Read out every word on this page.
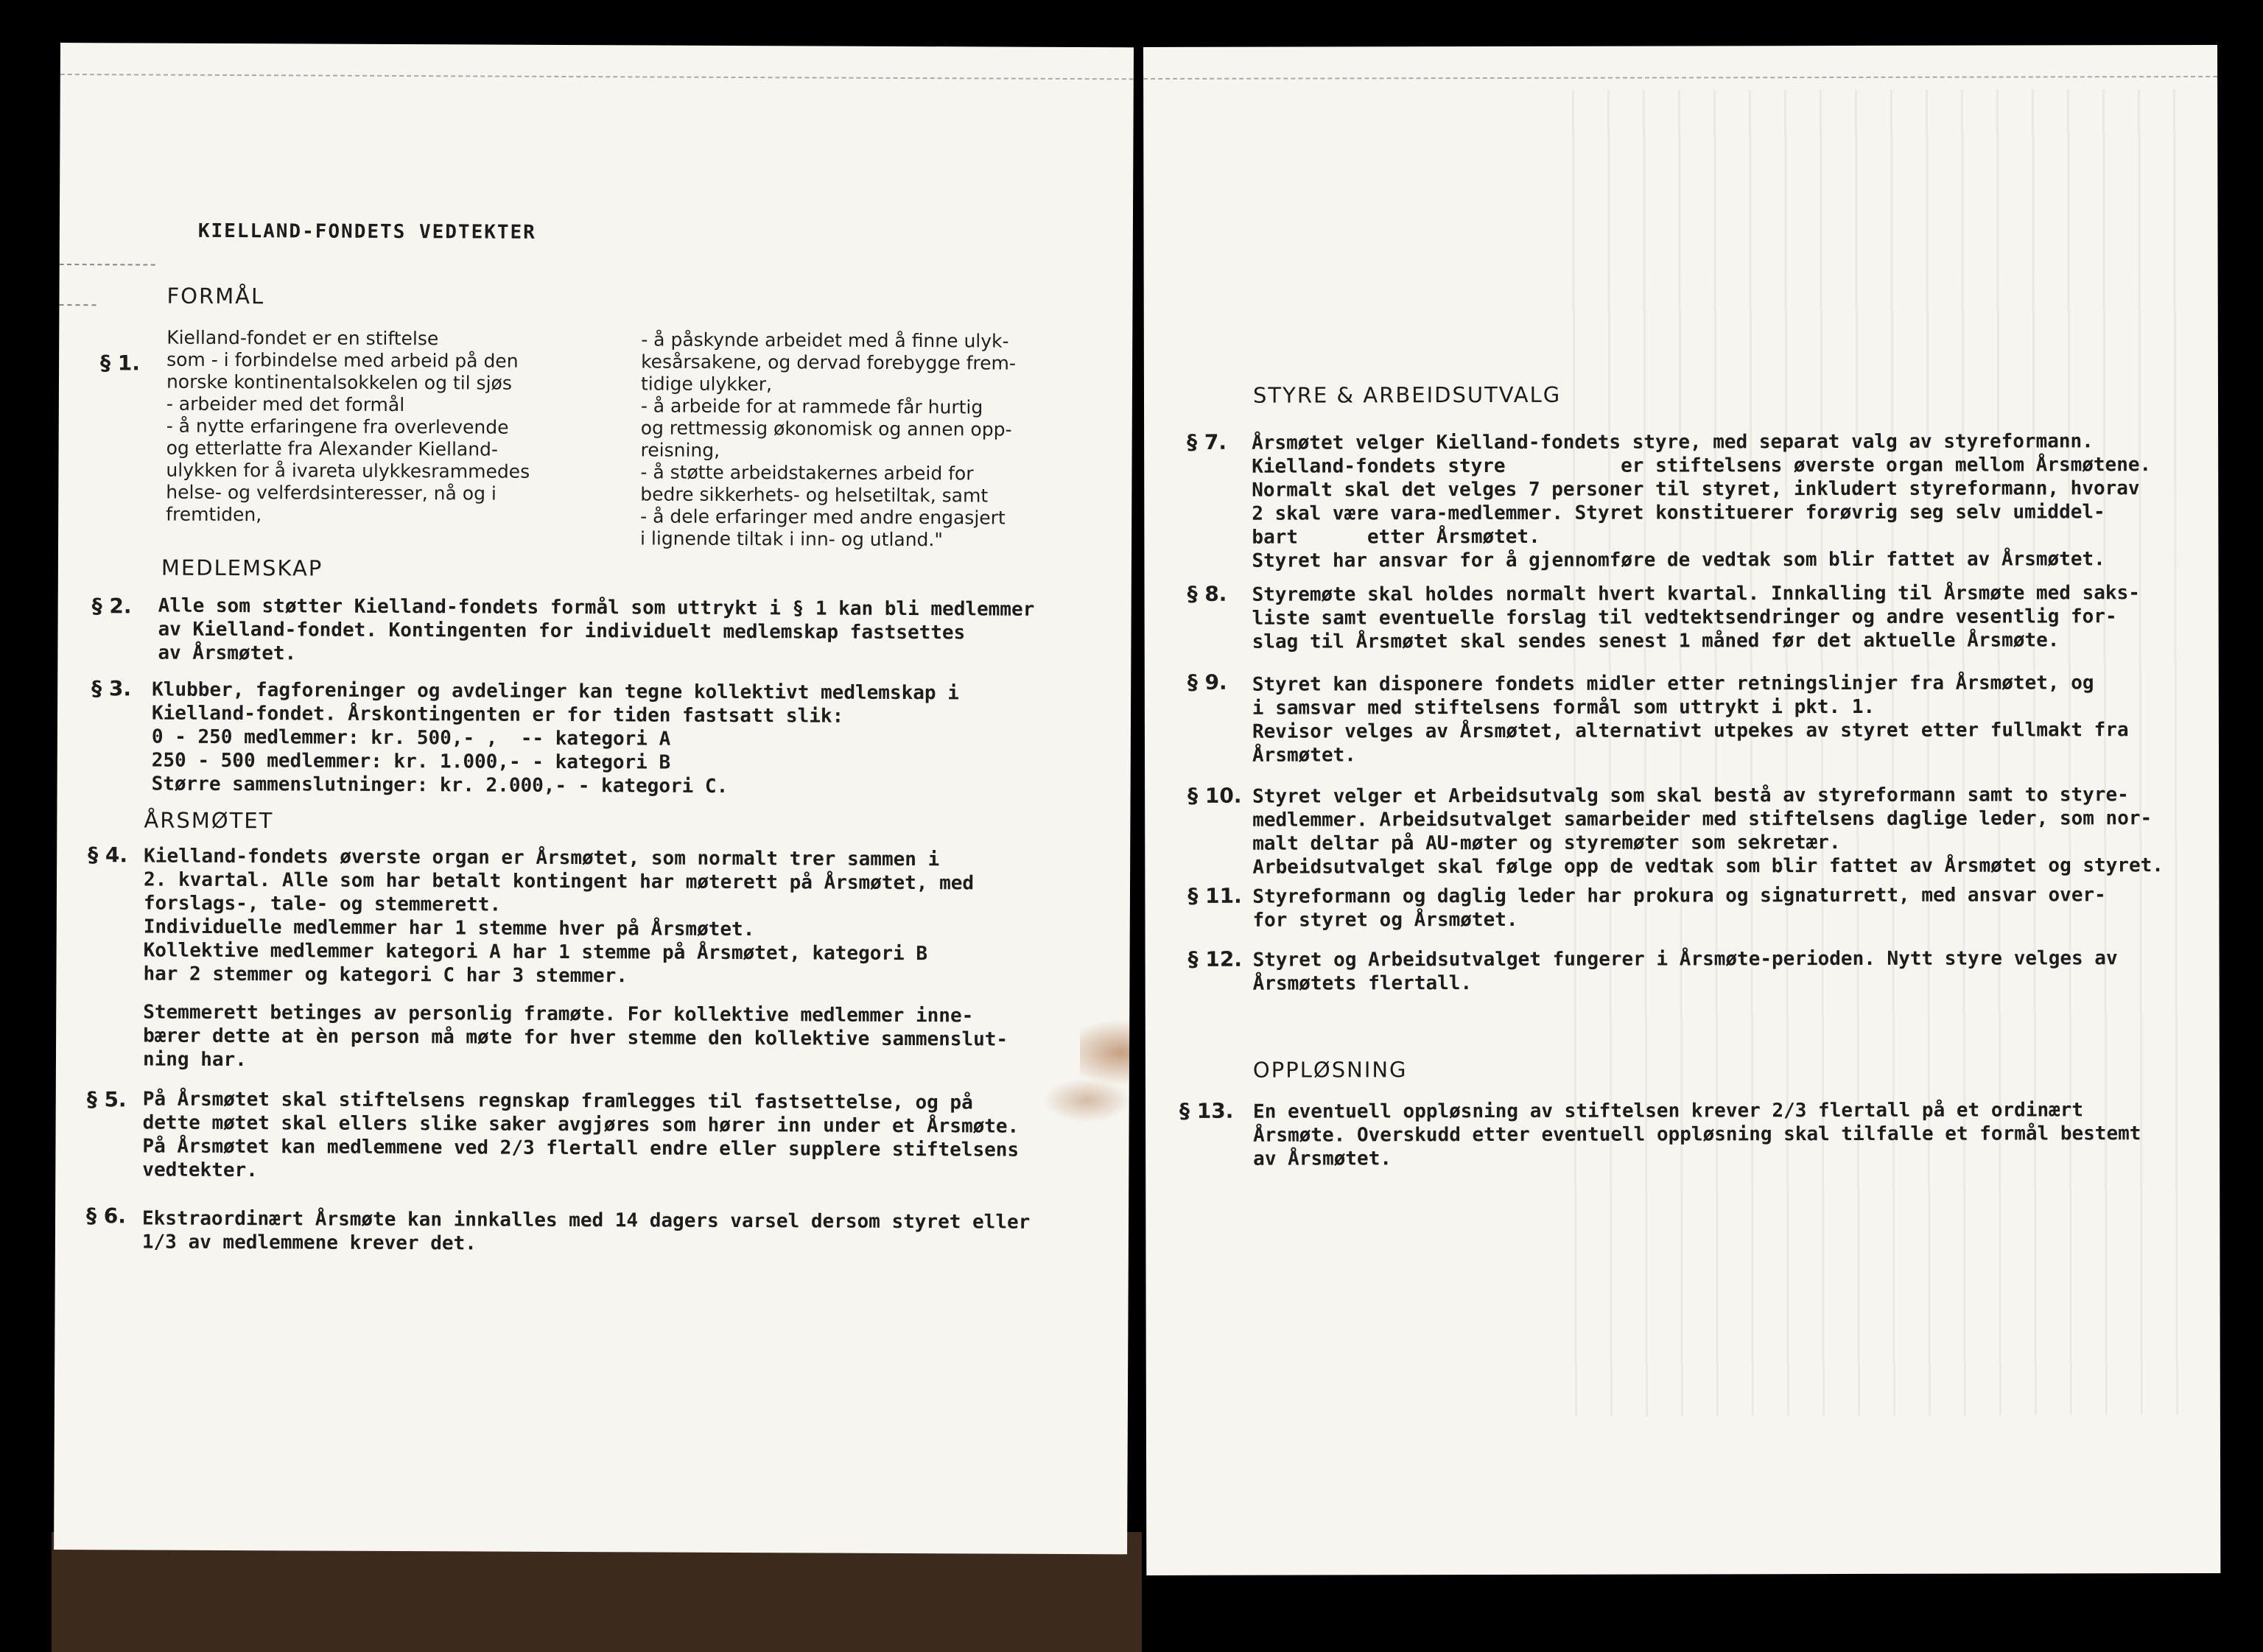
KIELLAND-FONDETS VEDTEKTER
FORMÅL
§ 1.
Kielland-fondet er en stiftelse
som - i forbindelse med arbeid på den
norske kontinentalsokkelen og til sjøs
- arbeider med det formål
- å nytte erfaringene fra overlevende
og etterlatte fra Alexander Kielland-
ulykken for å ivareta ulykkesrammedes
helse- og velferdsinteresser, nå og i
fremtiden,
- å påskynde arbeidet med å finne ulyk-
kesårsakene, og dervad forebygge frem-
tidige ulykker,
- å arbeide for at rammede får hurtig
og rettmessig økonomisk og annen opp-
reisning,
- å støtte arbeidstakernes arbeid for
bedre sikkerhets- og helsetiltak, samt
- å dele erfaringer med andre engasjert
i lignende tiltak i inn- og utland."
MEDLEMSKAP
§ 2. Alle som støtter Kielland-fondets formål som uttrykt i § 1 kan bli medlemmer
av Kielland-fondet. Kontingenten for individuelt medlemskap fastsettes
av Årsmøtet.
§ 3. Klubber, fagforeninger og avdelinger kan tegne kollektivt medlemskap i
Kielland-fondet. Årskontingenten er for tiden fastsatt slik:
0 - 250 medlemmer: kr. 500,- ,  -- kategori A
250 - 500 medlemmer: kr. 1.000,- - kategori B
Større sammenslutninger: kr. 2.000,- - kategori C.
ÅRSMØTET
§ 4. Kielland-fondets øverste organ er Årsmøtet, som normalt trer sammen i
2. kvartal. Alle som har betalt kontingent har møterett på Årsmøtet, med
forslags-, tale- og stemmerett.
Individuelle medlemmer har 1 stemme hver på Årsmøtet.
Kollektive medlemmer kategori A har 1 stemme på Årsmøtet, kategori B
har 2 stemmer og kategori C har 3 stemmer.
Stemmerett betinges av personlig framøte. For kollektive medlemmer inne-
bærer dette at èn person må møte for hver stemme den kollektive sammenslut-
ning har.
§ 5. På Årsmøtet skal stiftelsens regnskap framlegges til fastsettelse, og på
dette møtet skal ellers slike saker avgjøres som hører inn under et Årsmøte.
På Årsmøtet kan medlemmene ved 2/3 flertall endre eller supplere stiftelsens
vedtekter.
§ 6. Ekstraordinært Årsmøte kan innkalles med 14 dagers varsel dersom styret eller
1/3 av medlemmene krever det.
STYRE & ARBEIDSUTVALG
§ 7. Årsmøtet velger Kielland-fondets styre, med separat valg av styreformann.
Kielland-fondets styre          er stiftelsens øverste organ mellom Årsmøtene.
Normalt skal det velges 7 personer til styret, inkludert styreformann, hvorav
2 skal være vara-medlemmer. Styret konstituerer forøvrig seg selv umiddel-
bart      etter Årsmøtet.
Styret har ansvar for å gjennomføre de vedtak som blir fattet av Årsmøtet.
§ 8. Styremøte skal holdes normalt hvert kvartal. Innkalling til Årsmøte med saks-
liste samt eventuelle forslag til vedtektsendringer og andre vesentlig for-
slag til Årsmøtet skal sendes senest 1 måned før det aktuelle Årsmøte.
§ 9. Styret kan disponere fondets midler etter retningslinjer fra Årsmøtet, og
i samsvar med stiftelsens formål som uttrykt i pkt. 1.
Revisor velges av Årsmøtet, alternativt utpekes av styret etter fullmakt fra
Årsmøtet.
§ 10. Styret velger et Arbeidsutvalg som skal bestå av styreformann samt to styre-
medlemmer. Arbeidsutvalget samarbeider med stiftelsens daglige leder, som nor-
malt deltar på AU-møter og styremøter som sekretær.
Arbeidsutvalget skal følge opp de vedtak som blir fattet av Årsmøtet og styret.
§ 11. Styreformann og daglig leder har prokura og signaturrett, med ansvar over-
for styret og Årsmøtet.
§ 12. Styret og Arbeidsutvalget fungerer i Årsmøte-perioden. Nytt styre velges av
Årsmøtets flertall.
OPPLØSNING
§ 13. En eventuell oppløsning av stiftelsen krever 2/3 flertall på et ordinært
Årsmøte. Overskudd etter eventuell oppløsning skal tilfalle et formål bestemt
av Årsmøtet.
